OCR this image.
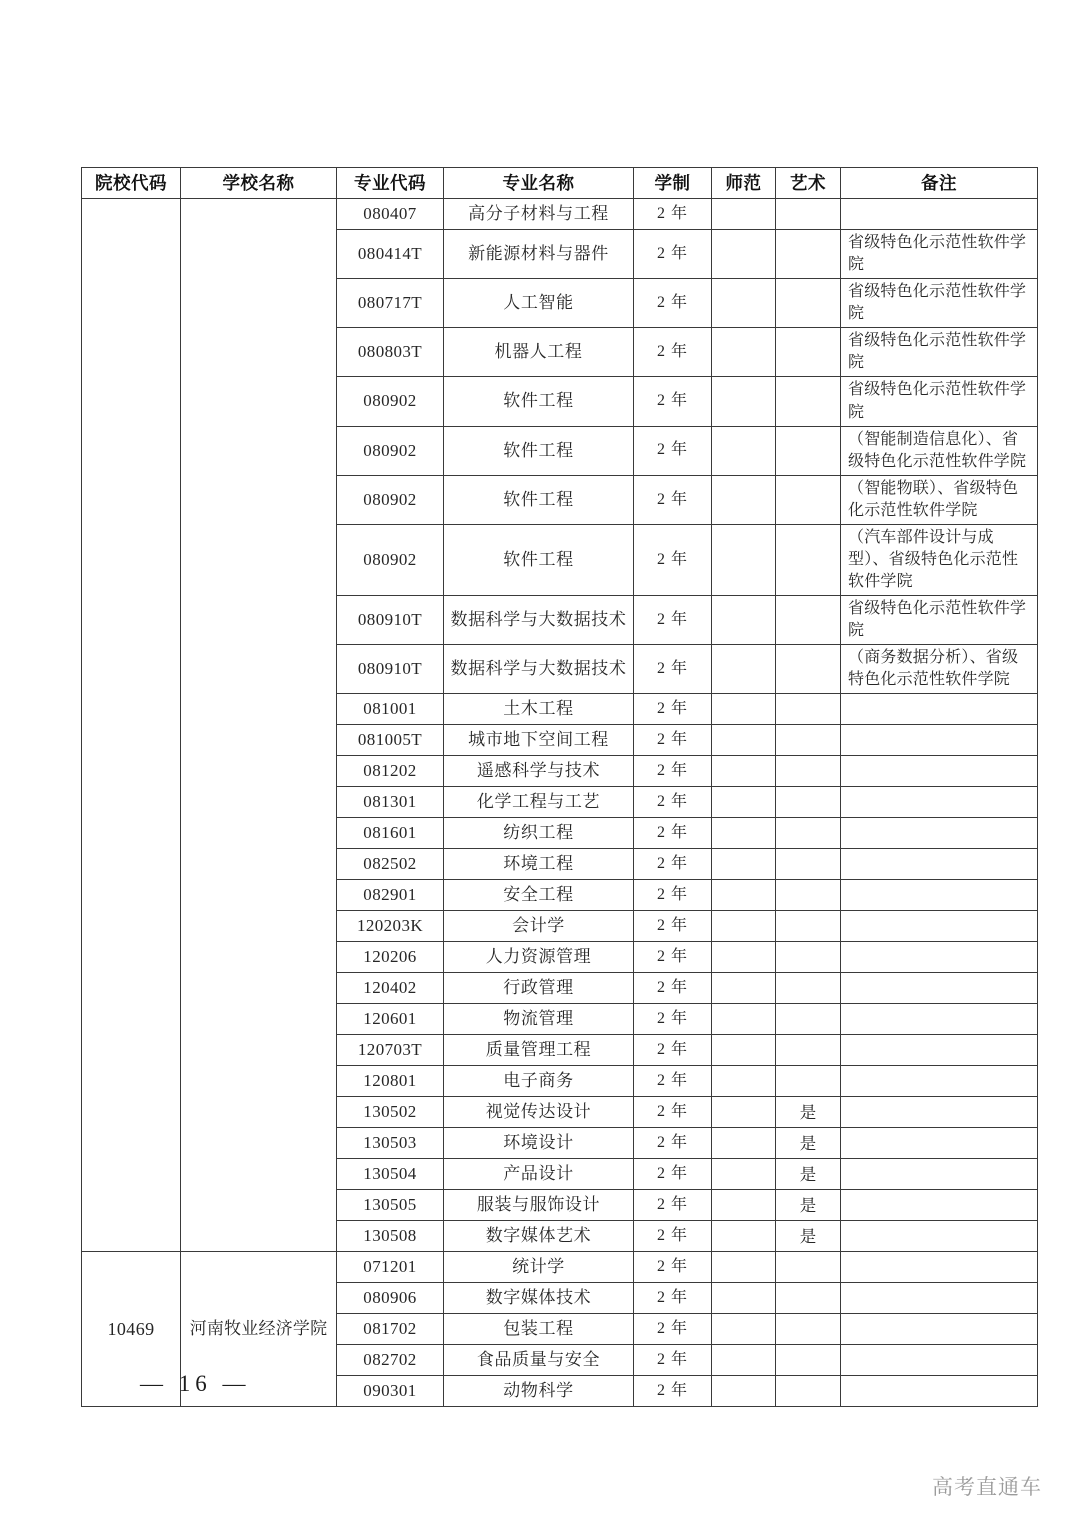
院校代码	学校名称	专业代码	专业名称	学制	师范	艺术	备注
		080407	高分子材料与工程	2 年			
		080414T	新能源材料与器件	2 年			省级特色化示范性软件学院
		080717T	人工智能	2 年			省级特色化示范性软件学院
		080803T	机器人工程	2 年			省级特色化示范性软件学院
		080902	软件工程	2 年			省级特色化示范性软件学院
		080902	软件工程	2 年			（智能制造信息化）、省级特色化示范性软件学院
		080902	软件工程	2 年			（智能物联）、省级特色化示范性软件学院
		080902	软件工程	2 年			（汽车部件设计与成型）、省级特色化示范性软件学院
		080910T	数据科学与大数据技术	2 年			省级特色化示范性软件学院
		080910T	数据科学与大数据技术	2 年			（商务数据分析）、省级特色化示范性软件学院
		081001	土木工程	2 年			
		081005T	城市地下空间工程	2 年			
		081202	遥感科学与技术	2 年			
		081301	化学工程与工艺	2 年			
		081601	纺织工程	2 年			
		082502	环境工程	2 年			
		082901	安全工程	2 年			
		120203K	会计学	2 年			
		120206	人力资源管理	2 年			
		120402	行政管理	2 年			
		120601	物流管理	2 年			
		120703T	质量管理工程	2 年			
		120801	电子商务	2 年			
		130502	视觉传达设计	2 年		是	
		130503	环境设计	2 年		是	
		130504	产品设计	2 年		是	
		130505	服装与服饰设计	2 年		是	
		130508	数字媒体艺术	2 年		是	
10469	河南牧业经济学院	071201	统计学	2 年			
		080906	数字媒体技术	2 年			
		081702	包装工程	2 年			
		082702	食品质量与安全	2 年			
		090301	动物科学	2 年			
— 16 —
高考直通车
